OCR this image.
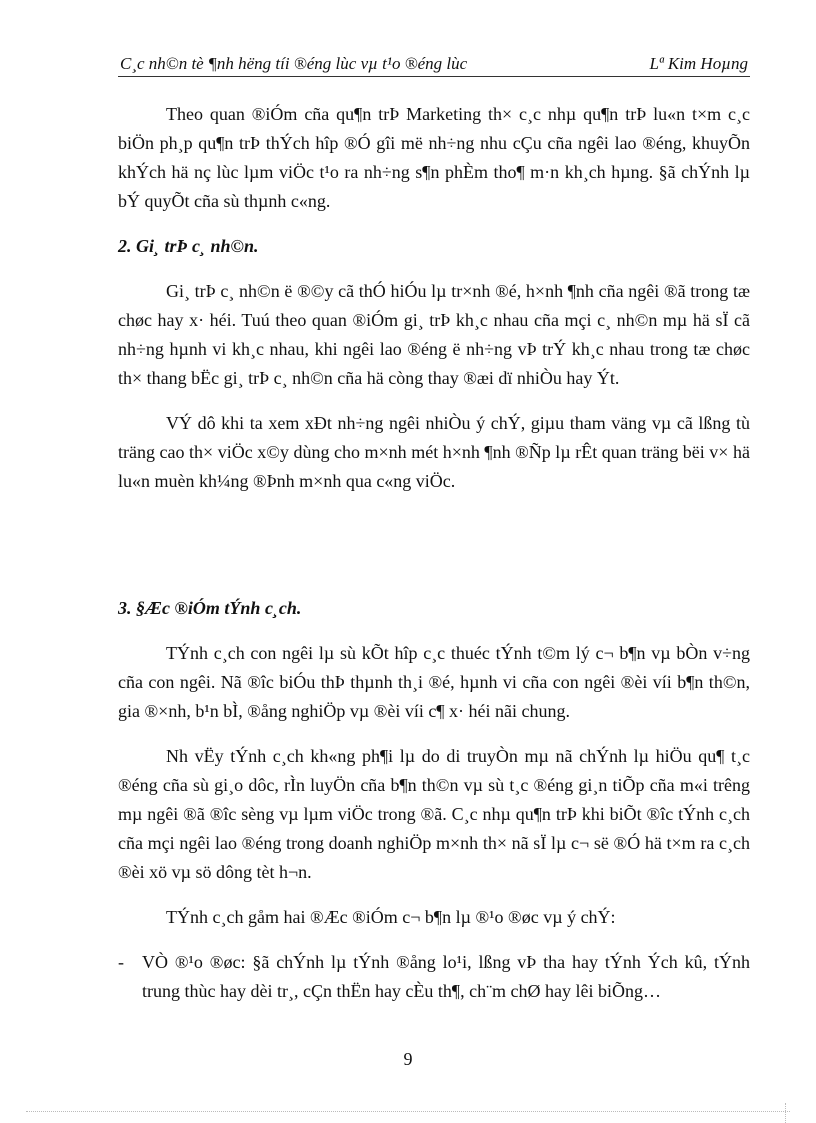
C¸c nh©n tè ¶nh hëng tíi ®éng lùc vµ t¹o ®éng lùc	Lª Kim Hoµng

Theo quan ®iÓm cña qu¶n trÞ Marketing th× c¸c nhµ qu¶n trÞ lu«n t×m c¸c biÖn ph¸p qu¶n trÞ thÝch hîp ®Ó gîi më nh÷ng nhu cÇu cña ngêi lao ®éng, khuyÕn khÝch hä nç lùc lµm viÖc t¹o ra nh÷ng s¶n phÈm tho¶ m·n kh¸ch hµng. §ã chÝnh lµ bÝ quyÕt cña sù thµnh c«ng.

2. Gi¸ trÞ c¸ nh©n.

Gi¸ trÞ c¸ nh©n ë ®©y cã thÓ hiÓu lµ tr×nh ®é, h×nh ¶nh cña ngêi ®ã trong tæ chøc hay x· héi. Tuú theo quan ®iÓm gi¸ trÞ kh¸c nhau cña mçi c¸ nh©n mµ hä sÏ cã nh÷ng hµnh vi kh¸c nhau, khi ngêi lao ®éng ë nh÷ng vÞ trÝ kh¸c nhau trong tæ chøc th× thang bËc gi¸ trÞ c¸ nh©n cña hä còng thay ®æi dï nhiÒu hay Ýt.

VÝ dô khi ta xem xÐt nh÷ng ngêi nhiÒu ý chÝ, giµu tham väng vµ cã lßng tù träng cao th× viÖc x©y dùng cho m×nh mét h×nh ¶nh ®Ñp lµ rÊt quan träng bëi v× hä lu«n muèn kh¼ng ®Þnh m×nh qua c«ng viÖc.

3. §Æc ®iÓm tÝnh c¸ch.

TÝnh c¸ch con ngêi lµ sù kÕt hîp c¸c thuéc tÝnh t©m lý c¬ b¶n vµ bÒn v÷ng cña con ngêi. Nã ®îc biÓu thÞ thµnh th¸i ®é, hµnh vi cña con ngêi ®èi víi b¶n th©n, gia ®×nh, b¹n bÌ, ®ång nghiÖp vµ ®èi víi c¶ x· héi nãi chung.

Nh vËy tÝnh c¸ch kh«ng ph¶i lµ do di truyÒn mµ nã chÝnh lµ hiÖu qu¶ t¸c ®éng cña sù gi¸o dôc, rÌn luyÖn cña b¶n th©n vµ sù t¸c ®éng gi¸n tiÕp cña m«i trêng mµ ngêi ®ã ®îc sèng vµ lµm viÖc trong ®ã. C¸c nhµ qu¶n trÞ khi biÕt ®îc tÝnh c¸ch cña mçi ngêi lao ®éng trong doanh nghiÖp m×nh th× nã sÏ lµ c¬ së ®Ó hä t×m ra c¸ch ®èi xö vµ sö dông tèt h¬n.

TÝnh c¸ch gåm hai ®Æc ®iÓm c¬ b¶n lµ ®¹o ®øc vµ ý chÝ:

-	VÒ ®¹o ®øc: §ã chÝnh lµ tÝnh ®ång lo¹i, lßng vÞ tha hay tÝnh Ých kû, tÝnh trung thùc hay dèi tr¸, cÇn thËn hay cÈu th¶, ch¨m chØ hay lêi biÕng…
9
